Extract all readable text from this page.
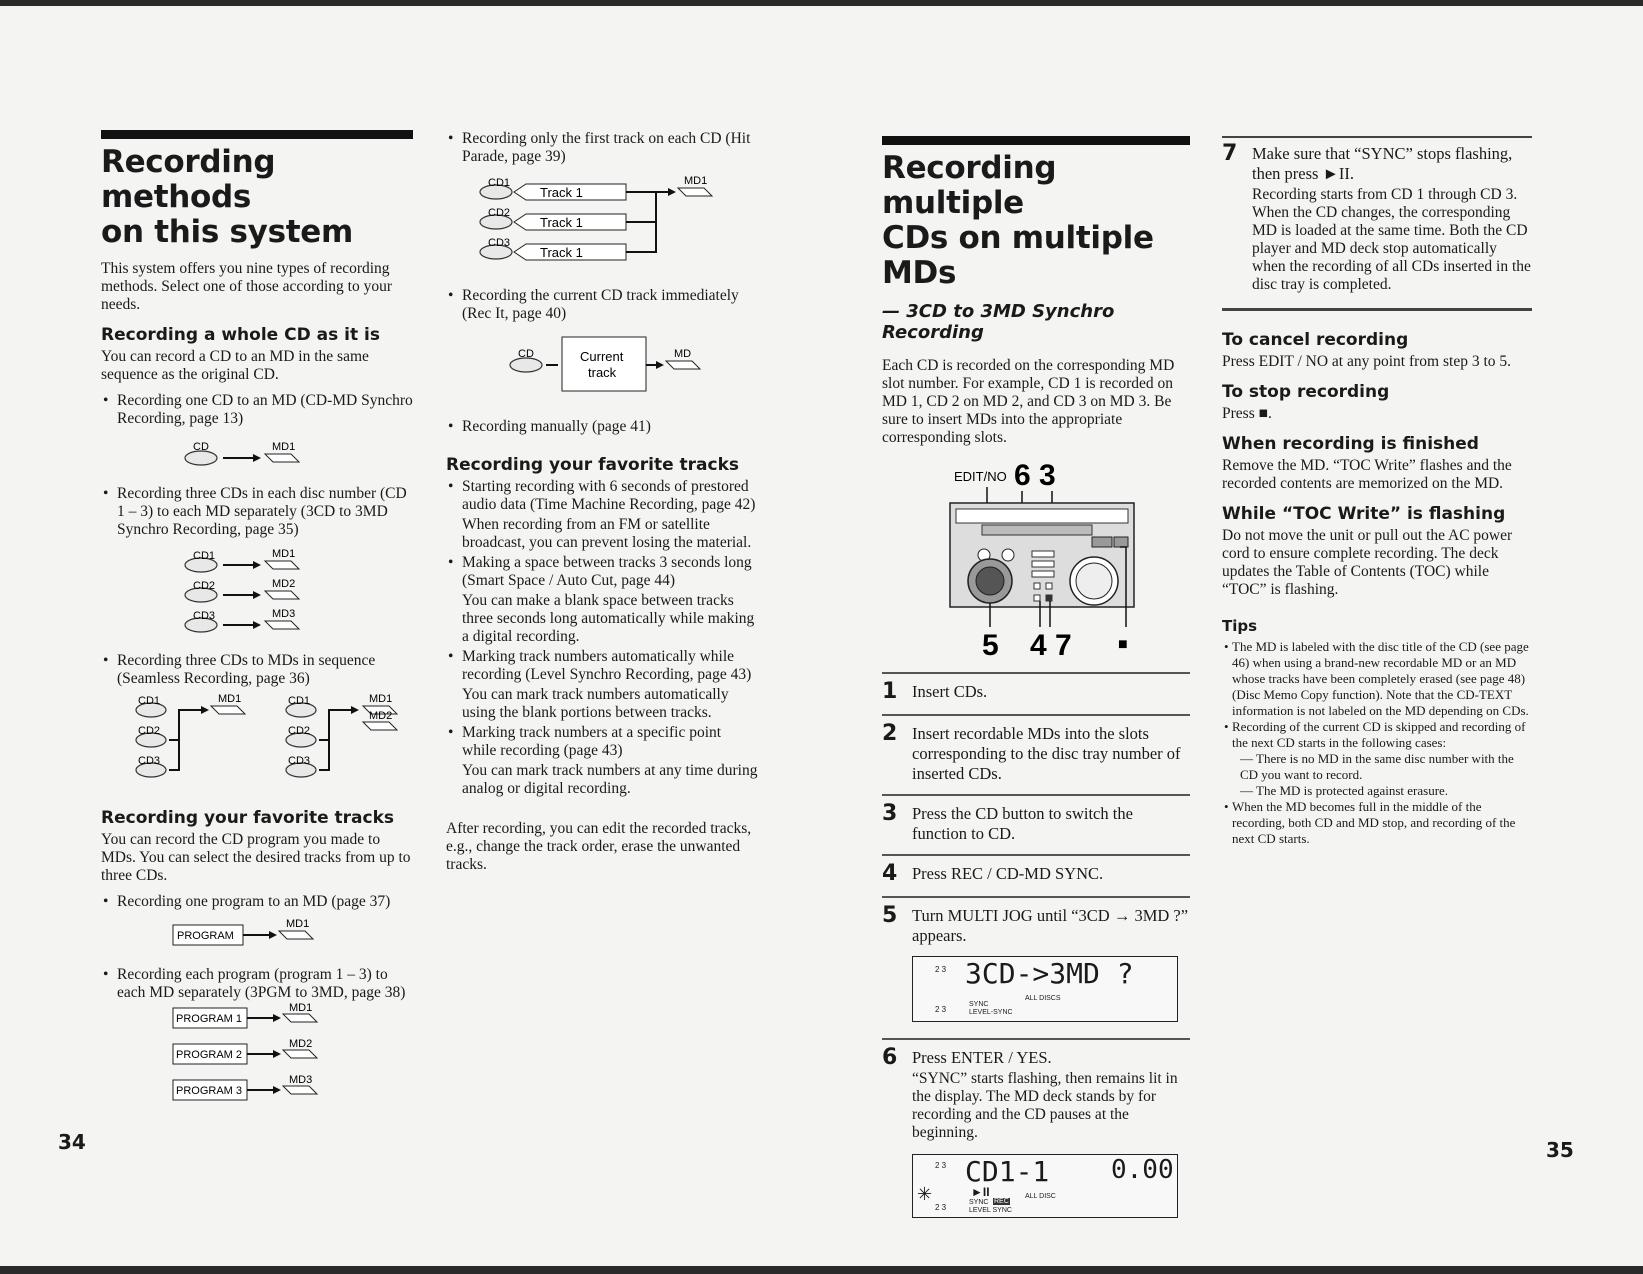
Recording methods
on this system

This system offers you nine types of recording methods. Select one of those according to your needs.

Recording a whole CD as it is

You can record a CD to an MD in the same sequence as the original CD.

• Recording one CD to an MD (CD-MD Synchro Recording, page 13)
CD	MD1
• Recording three CDs in each disc number (CD 1 – 3) to each MD separately (3CD to 3MD Synchro Recording, page 35)
CD1	MD1
CD2	MD2
CD3	MD3
• Recording three CDs to MDs in sequence (Seamless Recording, page 36)
CD1
CD2
CD3
MD1	CD1
CD2
CD3
MD1
MD2
Recording your favorite tracks

You can record the CD program you made to MDs. You can select the desired tracks from up to three CDs.

• Recording one program to an MD (page 37)
PROGRAM
MD1
• Recording each program (program 1 – 3) to each MD separately (3PGM to 3MD, page 38)
PROGRAM 1
MD1
PROGRAM 2
MD2
PROGRAM 3
MD3
34
• Recording only the first track on each CD (Hit Parade, page 39)
CD1
Track 1
CD2
Track 1
CD3
Track 1
MD1
• Recording the current CD track immediately (Rec It, page 40)
CD	Current
track
MD
• Recording manually (page 41)
Recording your favorite tracks
• Starting recording with 6 seconds of prestored audio data (Time Machine Recording, page 42)
When recording from an FM or satellite broadcast, you can prevent losing the material.
• Making a space between tracks 3 seconds long (Smart Space / Auto Cut, page 44)
You can make a blank space between tracks three seconds long automatically while making a digital recording.
• Marking track numbers automatically while recording (Level Synchro Recording, page 43)
You can mark track numbers automatically using the blank portions between tracks.
• Marking track numbers at a specific point while recording (page 43)
You can mark track numbers at any time during analog or digital recording.

After recording, you can edit the recorded tracks, e.g., change the track order, erase the unwanted tracks.

Recording multiple
CDs on multiple
MDs
— 3CD to 3MD Synchro Recording

Each CD is recorded on the corresponding MD slot number. For example, CD 1 is recorded on MD 1, CD 2 on MD 2, and CD 3 on MD 3. Be sure to insert MDs into the appropriate corresponding slots.

EDIT/NO 6 3
5 4 7	■
1 Insert CDs.
2 Insert recordable MDs into the slots corresponding to the disc tray number of inserted CDs.
3 Press the CD button to switch the function to CD.
4 Press REC / CD-MD SYNC.
5 Turn MULTI JOG until “3CD → 3MD ?” appears.
2 3 3CD->3MD ?
ALL DISCS
SYNC
LEVEL-SYNC
2 3
6 Press ENTER / YES.
“SYNC” starts flashing, then remains lit in the display. The MD deck stands by for recording and the CD pauses at the beginning.
2 3 CD1-1 0.00
►II
SYNC REC
LEVEL SYNC
ALL DISC
2 3
✳
35
7 Make sure that “SYNC” stops flashing, then press ►II.
Recording starts from CD 1 through CD 3. When the CD changes, the corresponding MD is loaded at the same time. Both the CD player and MD deck stop automatically when the recording of all CDs inserted in the disc tray is completed.
To cancel recording

Press EDIT / NO at any point from step 3 to 5.

To stop recording

Press ■.

When recording is finished

Remove the MD. “TOC Write” flashes and the recorded contents are memorized on the MD.

While “TOC Write” is flashing

Do not move the unit or pull out the AC power cord to ensure complete recording. The deck updates the Table of Contents (TOC) while “TOC” is flashing.

Tips
• The MD is labeled with the disc title of the CD (see page 46) when using a brand-new recordable MD or an MD whose tracks have been completely erased (see page 48) (Disc Memo Copy function). Note that the CD-TEXT information is not labeled on the MD depending on CDs.
• Recording of the current CD is skipped and recording of the next CD starts in the following cases:
— There is no MD in the same disc number with the CD you want to record.
— The MD is protected against erasure.
• When the MD becomes full in the middle of the recording, both CD and MD stop, and recording of the next CD starts.
